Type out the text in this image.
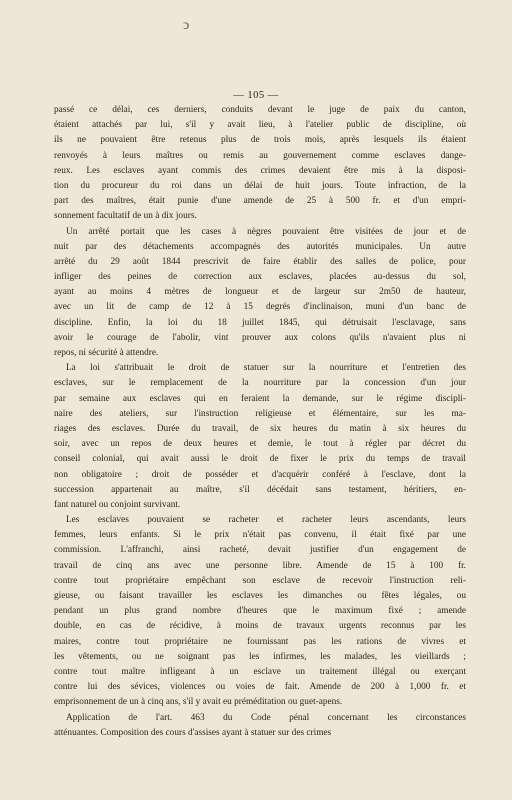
ↄ
— 105 —
passé ce délai, ces derniers, conduits devant le juge de paix du canton,
étaient attachés par lui, s'il y avait lieu, à l'atelier public de discipline, où
ils ne pouvaient être retenus plus de trois mois, après lesquels ils étaient
renvoyés à leurs maîtres ou remis au gouvernement comme esclaves dange-
reux. Les esclaves ayant commis des crimes devaient être mis à la disposi-
tion du procureur du roi dans un délai de huit jours. Toute infraction, de la
part des maîtres, était punie d'une amende de 25 à 500 fr. et d'un empri-
sonnement facultatif de un à dix jours.
Un arrêté portait que les cases à nègres pouvaient être visitées de jour et de
nuit par des détachements accompagnés des autorités municipales. Un autre
arrêté du 29 août 1844 prescrivit de faire établir des salles de police, pour
infliger des peines de correction aux esclaves, placées au-dessus du sol,
ayant au moins 4 mètres de longueur et de largeur sur 2m50 de hauteur,
avec un lit de camp de 12 à 15 degrés d'inclinaison, muni d'un banc de
discipline. Enfin, la loi du 18 juillet 1845, qui détruisait l'esclavage, sans
avoir le courage de l'abolir, vint prouver aux colons qu'ils n'avaient plus ni
repos, ni sécurité à attendre.
La loi s'attribuait le droit de statuer sur la nourriture et l'entretien des
esclaves, sur le remplacement de la nourriture par la concession d'un jour
par semaine aux esclaves qui en feraient la demande, sur le régime discipli-
naire des ateliers, sur l'instruction religieuse et élémentaire, sur les ma-
riages des esclaves. Durée du travail, de six heures du matin à six heures du
soir, avec un repos de deux heures et demie, le tout à régler par décret du
conseil colonial, qui avait aussi le droit de fixer le prix du temps de travail
non obligatoire ; droit de posséder et d'acquérir conféré à l'esclave, dont la
succession appartenait au maître, s'il décédait sans testament, héritiers, en-
fant naturel ou conjoint survivant.
Les esclaves pouvaient se racheter et racheter leurs ascendants, leurs
femmes, leurs enfants. Si le prix n'était pas convenu, il était fixé par une
commission. L'affranchi, ainsi racheté, devait justifier d'un engagement de
travail de cinq ans avec une personne libre. Amende de 15 à 100 fr.
contre tout propriétaire empêchant son esclave de recevoir l'instruction reli-
gieuse, ou faisant travailler les esclaves les dimanches ou fêtes légales, ou
pendant un plus grand nombre d'heures que le maximum fixé ; amende
double, en cas de récidive, à moins de travaux urgents reconnus par les
maires, contre tout propriétaire ne fournissant pas les rations de vivres et
les vêtements, ou ne soignant pas les infirmes, les malades, les vieillards ;
contre tout maître infligeant à un esclave un traitement illégal ou exerçant
contre lui des sévices, violences ou voies de fait. Amende de 200 à 1,000 fr. et
emprisonnement de un à cinq ans, s'il y avait eu préméditation ou guet-apens.
Application de l'art. 463 du Code pénal concernant les circonstances
atténuantes. Composition des cours d'assises ayant à statuer sur des crimes
